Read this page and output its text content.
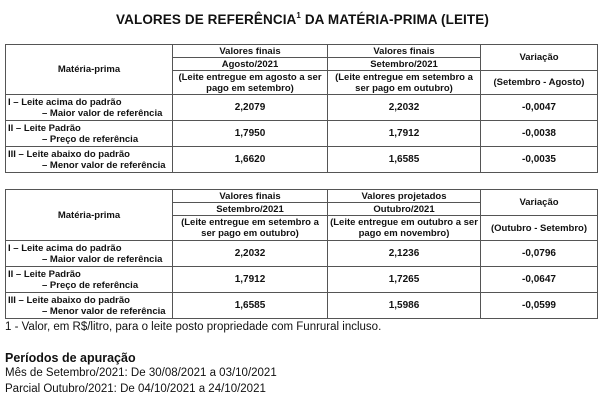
VALORES DE REFERÊNCIA$^1$ DA MATÉRIA-PRIMA (LEITE)
Matéria-prima	Valores finais	Valores finais	Variação
	Agosto/2021	Setembro/2021	
	(Leite entregue em agosto a ser pago em setembro)	(Leite entregue em setembro a ser pago em outubro)	(Setembro - Agosto)
I – Leite acima do padrão
– Maior valor de referência	2,2079	2,2032	-0,0047
II – Leite Padrão
– Preço de referência	1,7950	1,7912	-0,0038
III – Leite abaixo do padrão
– Menor valor de referência	1,6620	1,6585	-0,0035
Matéria-prima	Valores finais	Valores projetados	Variação
	Setembro/2021	Outubro/2021	
	(Leite entregue em setembro a ser pago em outubro)	(Leite entregue em outubro a ser pago em novembro)	(Outubro - Setembro)
I – Leite acima do padrão
– Maior valor de referência	2,2032	2,1236	-0,0796
II – Leite Padrão
– Preço de referência	1,7912	1,7265	-0,0647
III – Leite abaixo do padrão
– Menor valor de referência	1,6585	1,5986	-0,0599
1 - Valor, em R$/litro, para o leite posto propriedade com Funrural incluso.
Períodos de apuração
Mês de Setembro/2021: De 30/08/2021 a 03/10/2021
Parcial Outubro/2021: De 04/10/2021 a 24/10/2021
